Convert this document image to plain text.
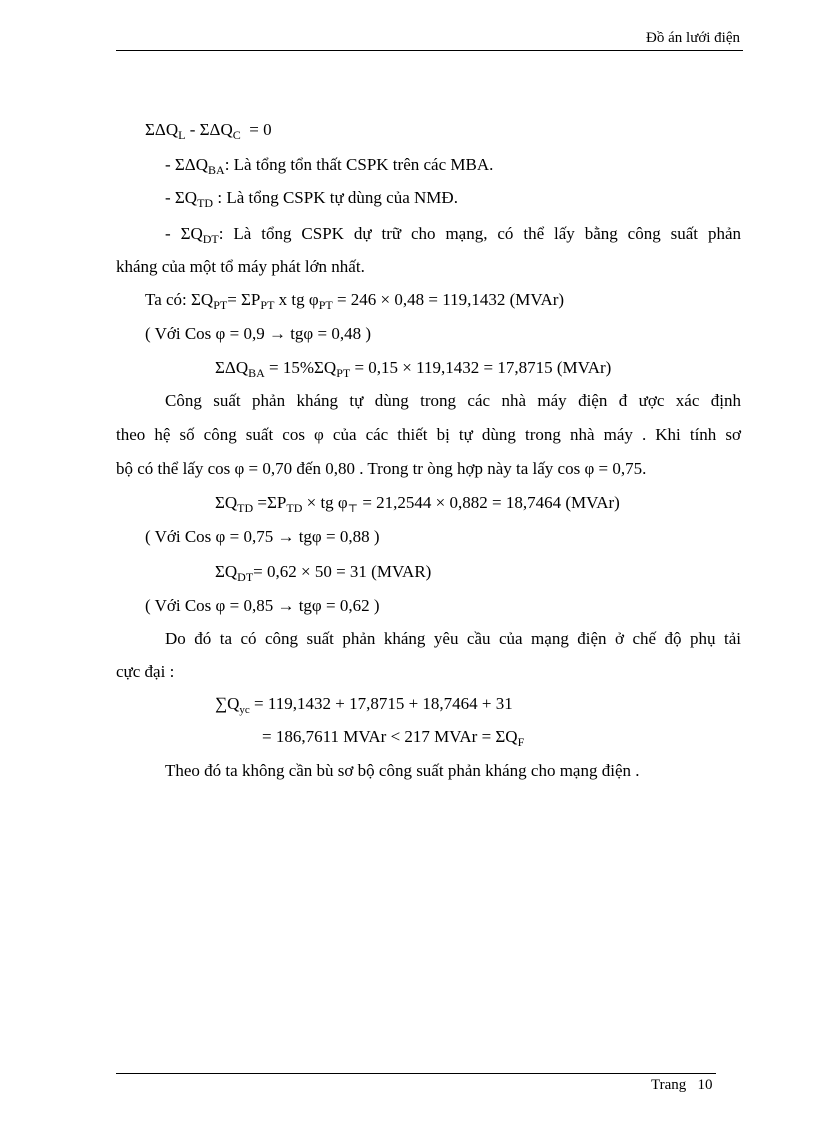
Đồ án lưới điện
$\Sigma\Delta Q_L - \Sigma\Delta Q_C = 0$
- $\Sigma\Delta Q_{BA}$: Là tổng tổn thất CSPK trên các MBA.
- $\Sigma Q_{TD}$ : Là tổng CSPK tự dùng của NMĐ.
- $\Sigma Q_{DT}$: Là tổng CSPK dự trữ cho mạng, có thể lấy bằng công suất phản
kháng của một tổ máy phát lớn nhất.
Ta có: $\Sigma Q_{PT}= \Sigma P_{PT}$ x tg $\varphi_{PT} = 246 \times 0,48 = 119,1432$ (MVAr)
( Với Cos φ = 0,9 → tgφ = 0,48 )
$\Sigma\Delta Q_{BA} = 15\%\Sigma Q_{PT} = 0,15 \times 119,1432 = 17,8715$ (MVAr)
Công suất phản kháng tự dùng trong các nhà máy điện đ ược xác định
theo hệ số công suất cos φ của các thiết bị tự dùng trong nhà máy . Khi tính sơ
bộ có thể lấy cos φ = 0,70 đến 0,80 . Trong tr òng hợp này ta lấy cos φ = 0,75.
$\Sigma Q_{TD} =\Sigma P_{TD}$ × tg $\varphi_⊤ = 21,2544 \times 0,882 = 18,7464$ (MVAr)
( Với Cos φ = 0,75 → tgφ = 0,88 )
$\Sigma Q_{DT}= 0,62 \times 50 = 31$ (MVAR)
( Với Cos φ = 0,85 → tgφ = 0,62 )
Do đó ta có công suất phản kháng yêu cầu của mạng điện ở chế độ phụ tải
cực đại :
$\sum Q_{yc} = 119,1432 + 17,8715 + 18,7464 + 31$
= 186,7611 MVAr < 217 MVAr = $\Sigma Q_F$
Theo đó ta không cần bù sơ bộ công suất phản kháng cho mạng điện .
Trang 10
